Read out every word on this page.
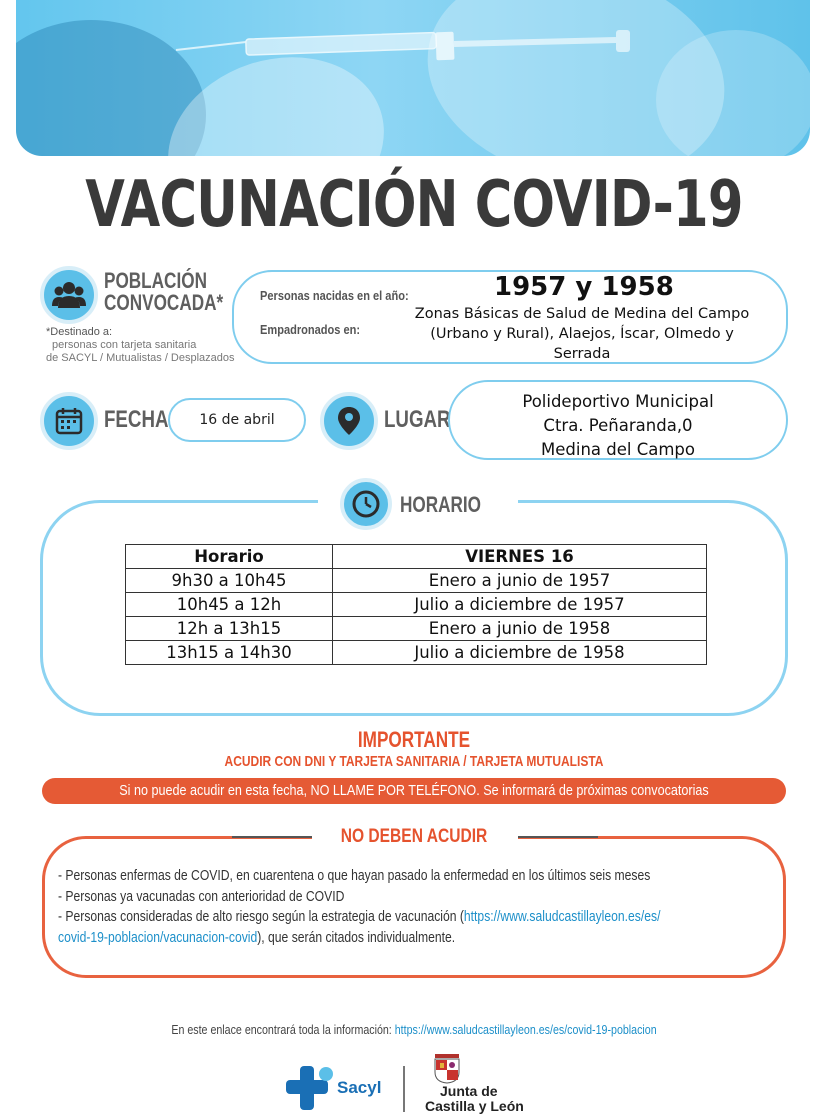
VACUNACIÓN COVID-19
POBLACIÓN
CONVOCADA*
*Destinado a:
personas con tarjeta sanitaria
de SACYL / Mutualistas / Desplazados
Personas nacidas en el año:	1957 y 1958
Empadronados en:
Zonas Básicas de Salud de Medina del Campo
(Urbano y Rural), Alaejos, Íscar, Olmedo y
Serrada
FECHA	16 de abril	LUGAR
Polideportivo Municipal
Ctra. Peñaranda,0
Medina del Campo
HORARIO
Horario	VIERNES 16
9h30 a 10h45	Enero a junio de 1957
10h45 a 12h	Julio a diciembre de 1957
12h a 13h15	Enero a junio de 1958
13h15 a 14h30	Julio a diciembre de 1958
IMPORTANTE
ACUDIR CON DNI Y TARJETA SANITARIA / TARJETA MUTUALISTA
Si no puede acudir en esta fecha, NO LLAME POR TELÉFONO. Se informará de próximas convocatorias
NO DEBEN ACUDIR
- Personas enfermas de COVID, en cuarentena o que hayan pasado la enfermedad en los últimos seis meses
- Personas ya vacunadas con anterioridad de COVID
- Personas consideradas de alto riesgo según la estrategia de vacunación (https://www.saludcastillayleon.es/es/
covid-19-poblacion/vacunacion-covid), que serán citados individualmente.
En este enlace encontrará toda la información: https://www.saludcastillayleon.es/es/covid-19-poblacion
Sacyl	Junta de
Castilla y León
